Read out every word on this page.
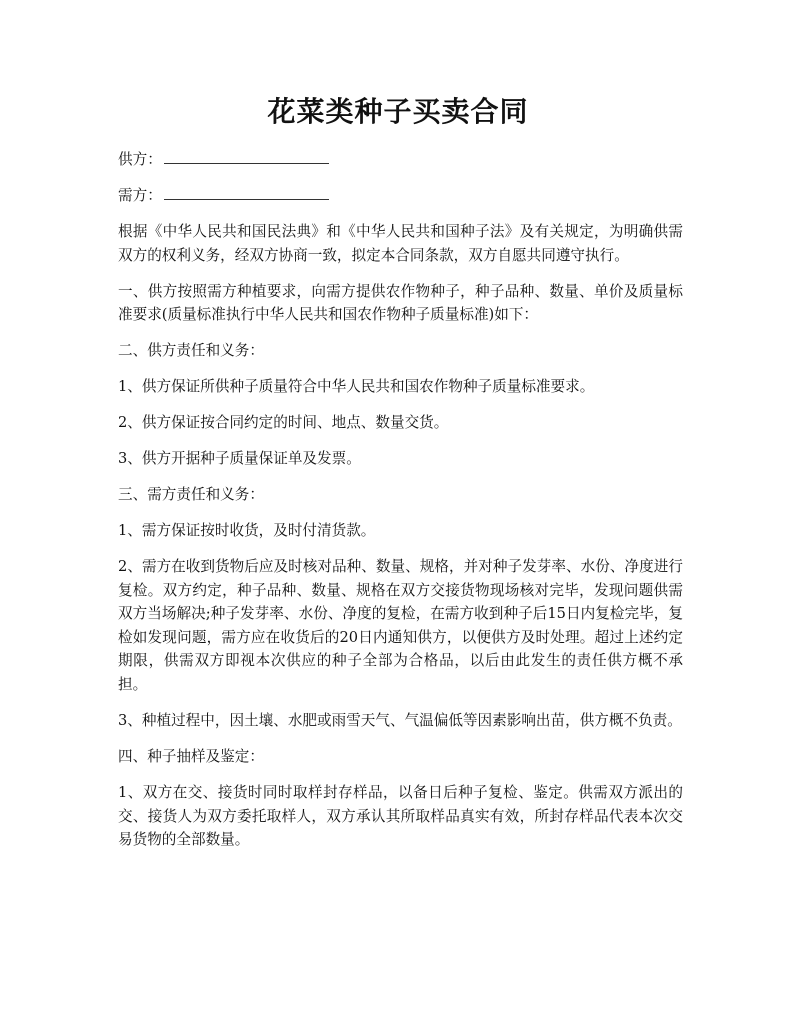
花菜类种子买卖合同

供方：

需方：

根据《中华人民共和国民法典》和《中华人民共和国种子法》及有关规定，为明确供需双方的权利义务，经双方协商一致，拟定本合同条款，双方自愿共同遵守执行。

一、供方按照需方种植要求，向需方提供农作物种子，种子品种、数量、单价及质量标准要求(质量标准执行中华人民共和国农作物种子质量标准)如下：

二、供方责任和义务：

1、供方保证所供种子质量符合中华人民共和国农作物种子质量标准要求。

2、供方保证按合同约定的时间、地点、数量交货。

3、供方开据种子质量保证单及发票。

三、需方责任和义务：

1、需方保证按时收货，及时付清货款。

2、需方在收到货物后应及时核对品种、数量、规格，并对种子发芽率、水份、净度进行复检。双方约定，种子品种、数量、规格在双方交接货物现场核对完毕，发现问题供需双方当场解决;种子发芽率、水份、净度的复检，在需方收到种子后15日内复检完毕，复检如发现问题，需方应在收货后的20日内通知供方，以便供方及时处理。超过上述约定期限，供需双方即视本次供应的种子全部为合格品，以后由此发生的责任供方概不承担。

3、种植过程中，因土壤、水肥或雨雪天气、气温偏低等因素影响出苗，供方概不负责。

四、种子抽样及鉴定：

1、双方在交、接货时同时取样封存样品，以备日后种子复检、鉴定。供需双方派出的交、接货人为双方委托取样人，双方承认其所取样品真实有效，所封存样品代表本次交易货物的全部数量。
